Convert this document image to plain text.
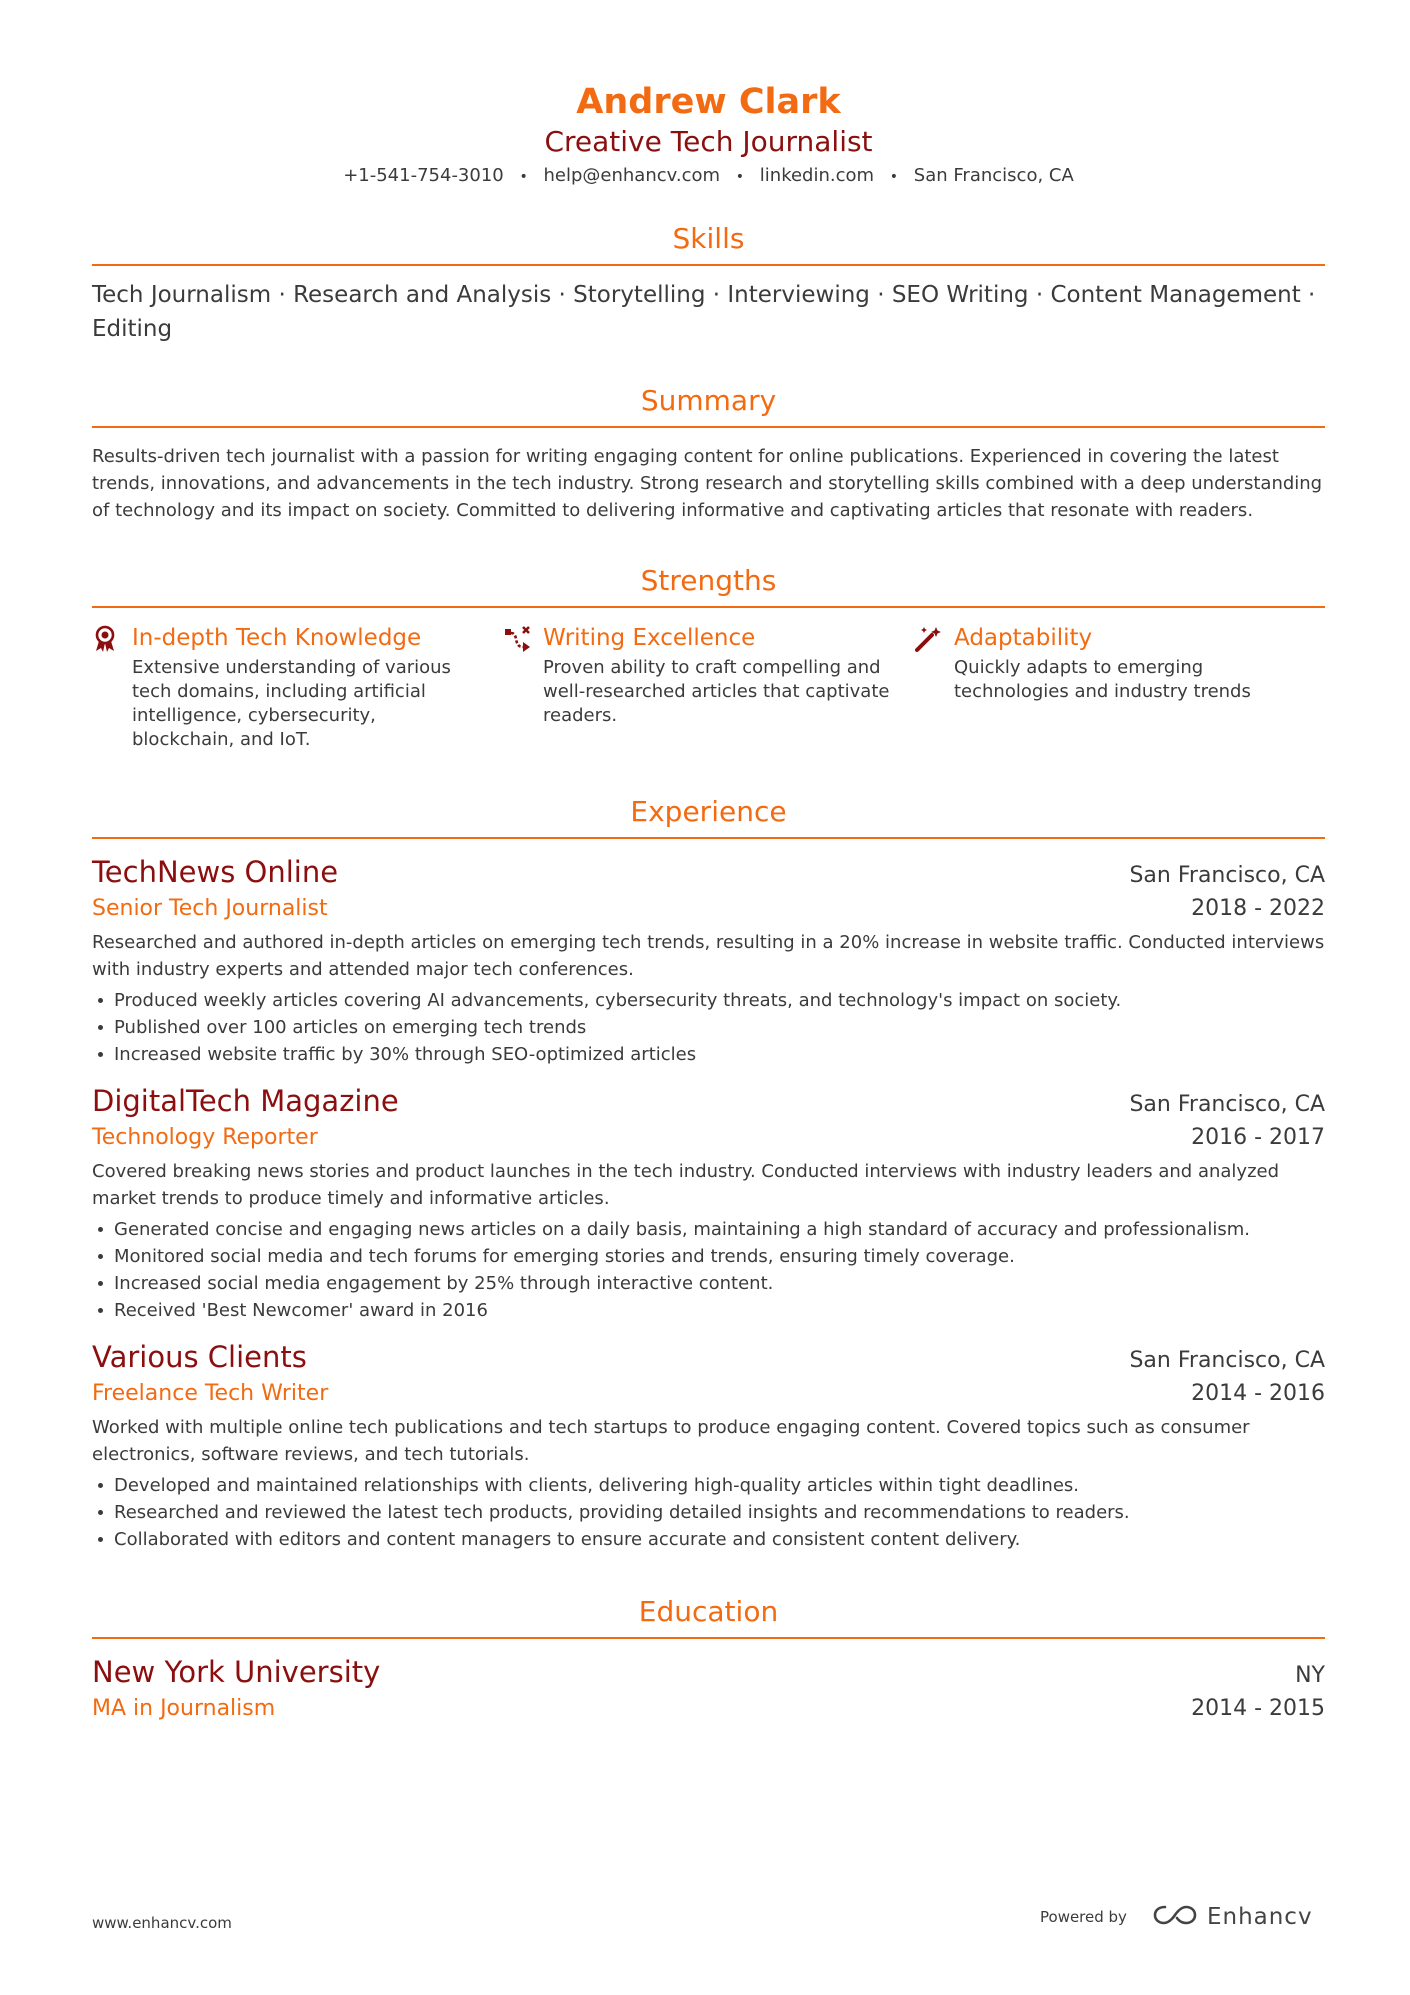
Andrew Clark
Creative Tech Journalist
+1-541-754-3010 • help@enhancv.com • linkedin.com • San Francisco, CA
Skills
Tech Journalism · Research and Analysis · Storytelling · Interviewing · SEO Writing · Content Management · Editing
Summary
Results-driven tech journalist with a passion for writing engaging content for online publications. Experienced in covering the latest trends, innovations, and advancements in the tech industry. Strong research and storytelling skills combined with a deep understanding of technology and its impact on society. Committed to delivering informative and captivating articles that resonate with readers.
Strengths
In-depth Tech Knowledge
Extensive understanding of various tech domains, including artificial intelligence, cybersecurity, blockchain, and IoT.
Writing Excellence
Proven ability to craft compelling and well-researched articles that captivate readers.
Adaptability
Quickly adapts to emerging technologies and industry trends
Experience
TechNews Online	San Francisco, CA
Senior Tech Journalist	2018 - 2022
Researched and authored in-depth articles on emerging tech trends, resulting in a 20% increase in website traffic. Conducted interviews with industry experts and attended major tech conferences.
Produced weekly articles covering AI advancements, cybersecurity threats, and technology's impact on society.
Published over 100 articles on emerging tech trends
Increased website traffic by 30% through SEO-optimized articles
DigitalTech Magazine	San Francisco, CA
Technology Reporter	2016 - 2017
Covered breaking news stories and product launches in the tech industry. Conducted interviews with industry leaders and analyzed market trends to produce timely and informative articles.
Generated concise and engaging news articles on a daily basis, maintaining a high standard of accuracy and professionalism.
Monitored social media and tech forums for emerging stories and trends, ensuring timely coverage.
Increased social media engagement by 25% through interactive content.
Received 'Best Newcomer' award in 2016
Various Clients	San Francisco, CA
Freelance Tech Writer	2014 - 2016
Worked with multiple online tech publications and tech startups to produce engaging content. Covered topics such as consumer electronics, software reviews, and tech tutorials.
Developed and maintained relationships with clients, delivering high-quality articles within tight deadlines.
Researched and reviewed the latest tech products, providing detailed insights and recommendations to readers.
Collaborated with editors and content managers to ensure accurate and consistent content delivery.
Education
New York University	NY
MA in Journalism	2014 - 2015
www.enhancv.com	Powered by	Enhancv
